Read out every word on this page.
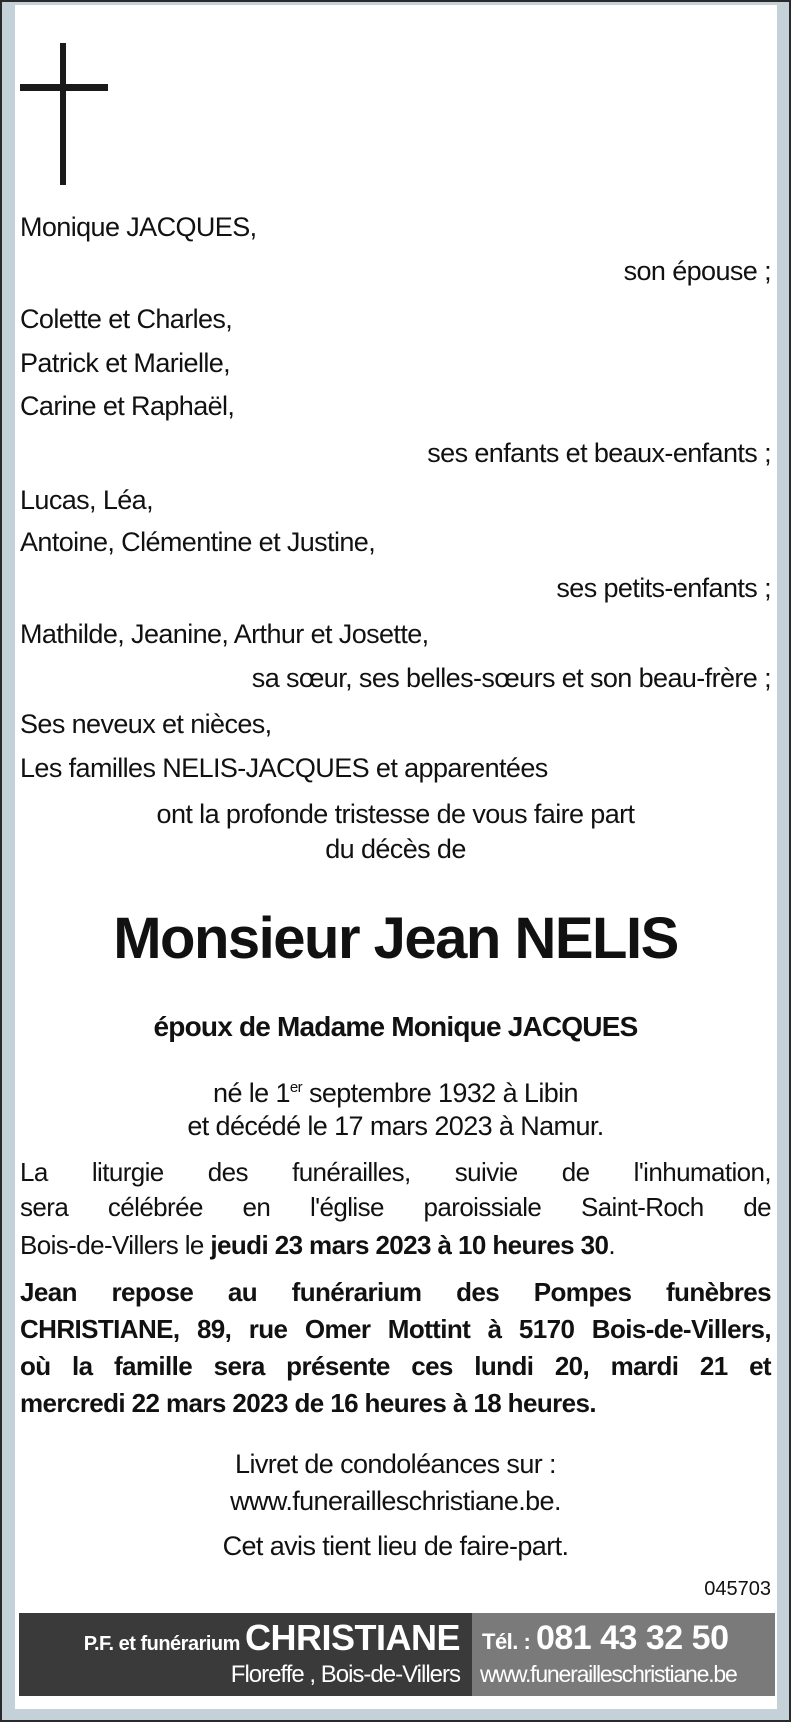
Monique JACQUES,
son épouse ;
Colette et Charles,
Patrick et Marielle,
Carine et Raphaël,
ses enfants et beaux-enfants ;
Lucas, Léa,
Antoine, Clémentine et Justine,
ses petits-enfants ;
Mathilde, Jeanine, Arthur et Josette,
sa sœur, ses belles-sœurs et son beau-frère ;
Ses neveux et nièces,
Les familles NELIS-JACQUES et apparentées
ont la profonde tristesse de vous faire part
du décès de
Monsieur Jean NELIS
époux de Madame Monique JACQUES
né le 1er septembre 1932 à Libin
et décédé le 17 mars 2023 à Namur.
La liturgie des funérailles, suivie de l'inhumation,
sera célébrée en l'église paroissiale Saint-Roch de
Bois-de-Villers le jeudi 23 mars 2023 à 10 heures 30.
Jean repose au funérarium des Pompes funèbres
CHRISTIANE, 89, rue Omer Mottint à 5170 Bois-de-Villers,
où la famille sera présente ces lundi 20, mardi 21 et
mercredi 22 mars 2023 de 16 heures à 18 heures.
Livret de condoléances sur :
www.funerailleschristiane.be.
Cet avis tient lieu de faire-part.
045703
P.F. et funérarium CHRISTIANE
Floreffe , Bois-de-Villers
Tél. : 081 43 32 50
www.funerailleschristiane.be
